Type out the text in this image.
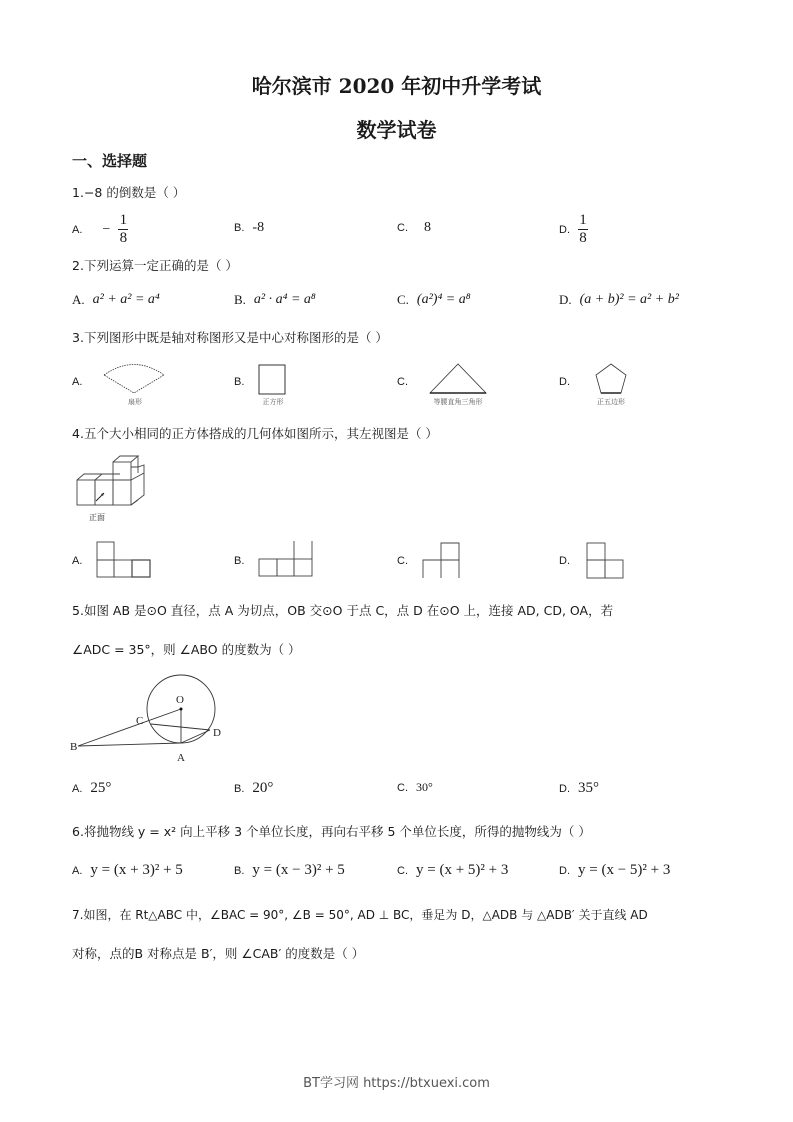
哈尔滨市 2020 年初中升学考试
数学试卷
一、选择题
1.−8 的倒数是（ ）
A. − $\frac{1}{8}$	B. -8	C. 8	D. $\frac{1}{8}$
2.下列运算一定正确的是（ ）
A. a² + a² = a⁴	B. a² · a⁴ = a⁸	C. (a²)⁴ = a⁸	D. (a + b)² = a² + b²
3.下列图形中既是轴对称图形又是中心对称图形的是（ ）
A.
扇形
B.
正方形
C.
等腰直角三角形
D.
正五边形
4.五个大小相同的正方体搭成的几何体如图所示，其左视图是（ ）
正面
A.	B.	C.	D.
5.如图 AB 是⊙O 直径，点 A 为切点，OB 交⊙O 于点 C，点 D 在⊙O 上，连接 AD, CD, OA，若
∠ADC = 35°，则 ∠ABO 的度数为（ ）
O
C
B
A
D
A. 25°	B. 20°	C. 30°	D. 35°
6.将抛物线 y = x² 向上平移 3 个单位长度，再向右平移 5 个单位长度，所得的抛物线为（ ）
A. y = (x + 3)² + 5	B. y = (x − 3)² + 5	C. y = (x + 5)² + 3	D. y = (x − 5)² + 3
7.如图，在 Rt△ABC 中，∠BAC = 90°, ∠B = 50°, AD ⊥ BC，垂足为 D，△ADB 与 △ADB′ 关于直线 AD
对称，点的B 对称点是 B′，则 ∠CAB′ 的度数是（ ）
BT学习网 https://btxuexi.com
